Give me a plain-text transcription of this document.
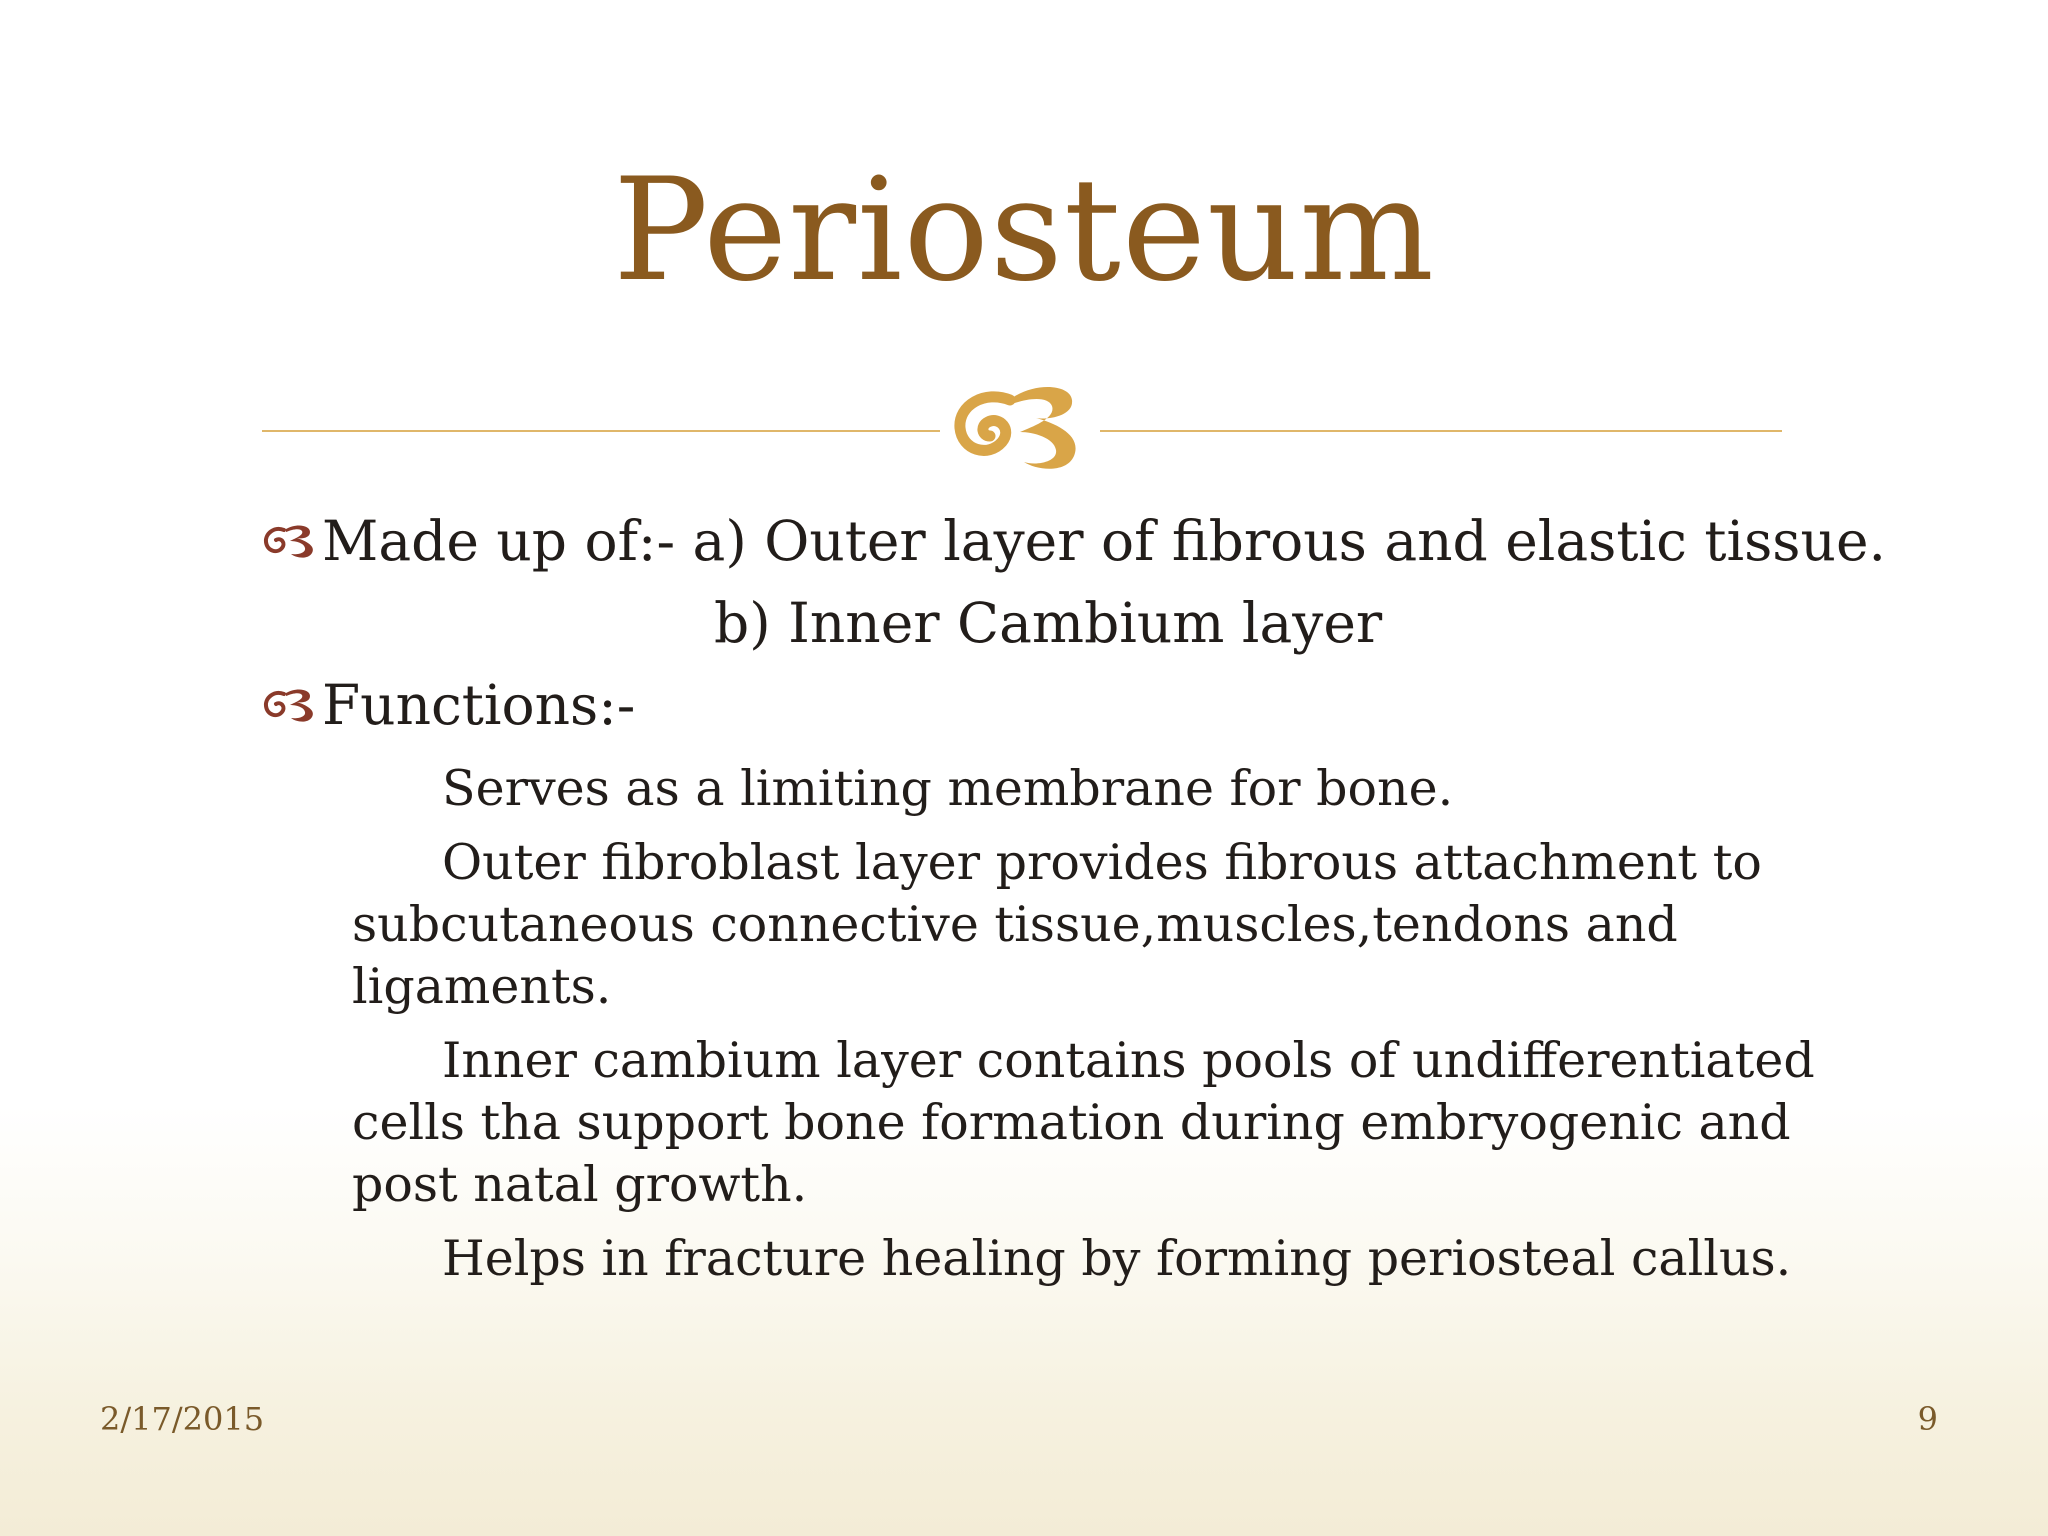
Periosteum
Made up of:- a) Outer layer of fibrous and elastic tissue.
b) Inner Cambium layer
Functions:-
Serves as a limiting membrane for bone.
Outer fibroblast layer provides fibrous attachment to subcutaneous connective tissue,muscles,tendons and ligaments.
Inner cambium layer contains pools of undifferentiated cells tha support bone formation during embryogenic and post natal growth.
Helps in fracture healing by forming periosteal callus.
2/17/2015	9
